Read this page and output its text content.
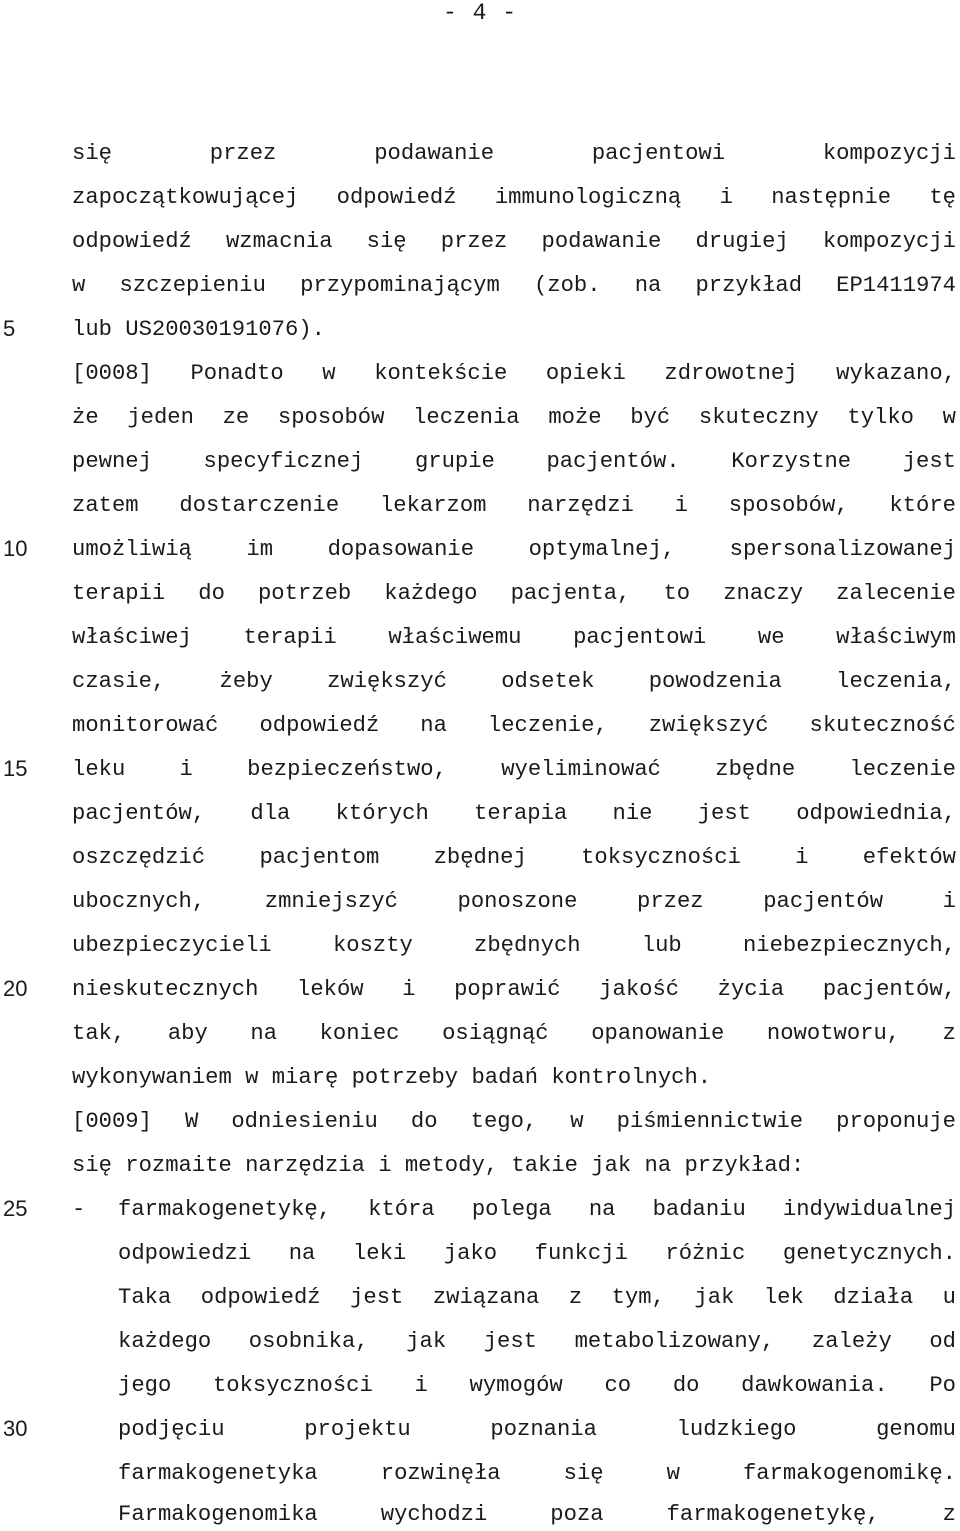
- 4 -
5
10
15
20
25
30
się przez podawanie pacjentowi kompozycji
zapoczątkowującej odpowiedź immunologiczną i następnie tę
odpowiedź wzmacnia się przez podawanie drugiej kompozycji
w szczepieniu przypominającym (zob. na przykład EP1411974
lub US20030191076).
[0008] Ponadto w kontekście opieki zdrowotnej wykazano,
że jeden ze sposobów leczenia może być skuteczny tylko w
pewnej specyficznej grupie pacjentów. Korzystne jest
zatem dostarczenie lekarzom narzędzi i sposobów, które
umożliwią im dopasowanie optymalnej, spersonalizowanej
terapii do potrzeb każdego pacjenta, to znaczy zalecenie
właściwej terapii właściwemu pacjentowi we właściwym
czasie, żeby zwiększyć odsetek powodzenia leczenia,
monitorować odpowiedź na leczenie, zwiększyć skuteczność
leku i bezpieczeństwo, wyeliminować zbędne leczenie
pacjentów, dla których terapia nie jest odpowiednia,
oszczędzić pacjentom zbędnej toksyczności i efektów
ubocznych, zmniejszyć ponoszone przez pacjentów i
ubezpieczycieli koszty zbędnych lub niebezpiecznych,
nieskutecznych leków i poprawić jakość życia pacjentów,
tak, aby na koniec osiągnąć opanowanie nowotworu, z
wykonywaniem w miarę potrzeby badań kontrolnych.
[0009] W odniesieniu do tego, w piśmiennictwie proponuje
się rozmaite narzędzia i metody, takie jak na przykład:
- farmakogenetykę, która polega na badaniu indywidualnej
odpowiedzi na leki jako funkcji różnic genetycznych.
Taka odpowiedź jest związana z tym, jak lek działa u
każdego osobnika, jak jest metabolizowany, zależy od
jego toksyczności i wymogów co do dawkowania. Po
podjęciu projektu poznania ludzkiego genomu
farmakogenetyka rozwinęła się w farmakogenomikę.
Farmakogenomika wychodzi poza farmakogenetykę, z
